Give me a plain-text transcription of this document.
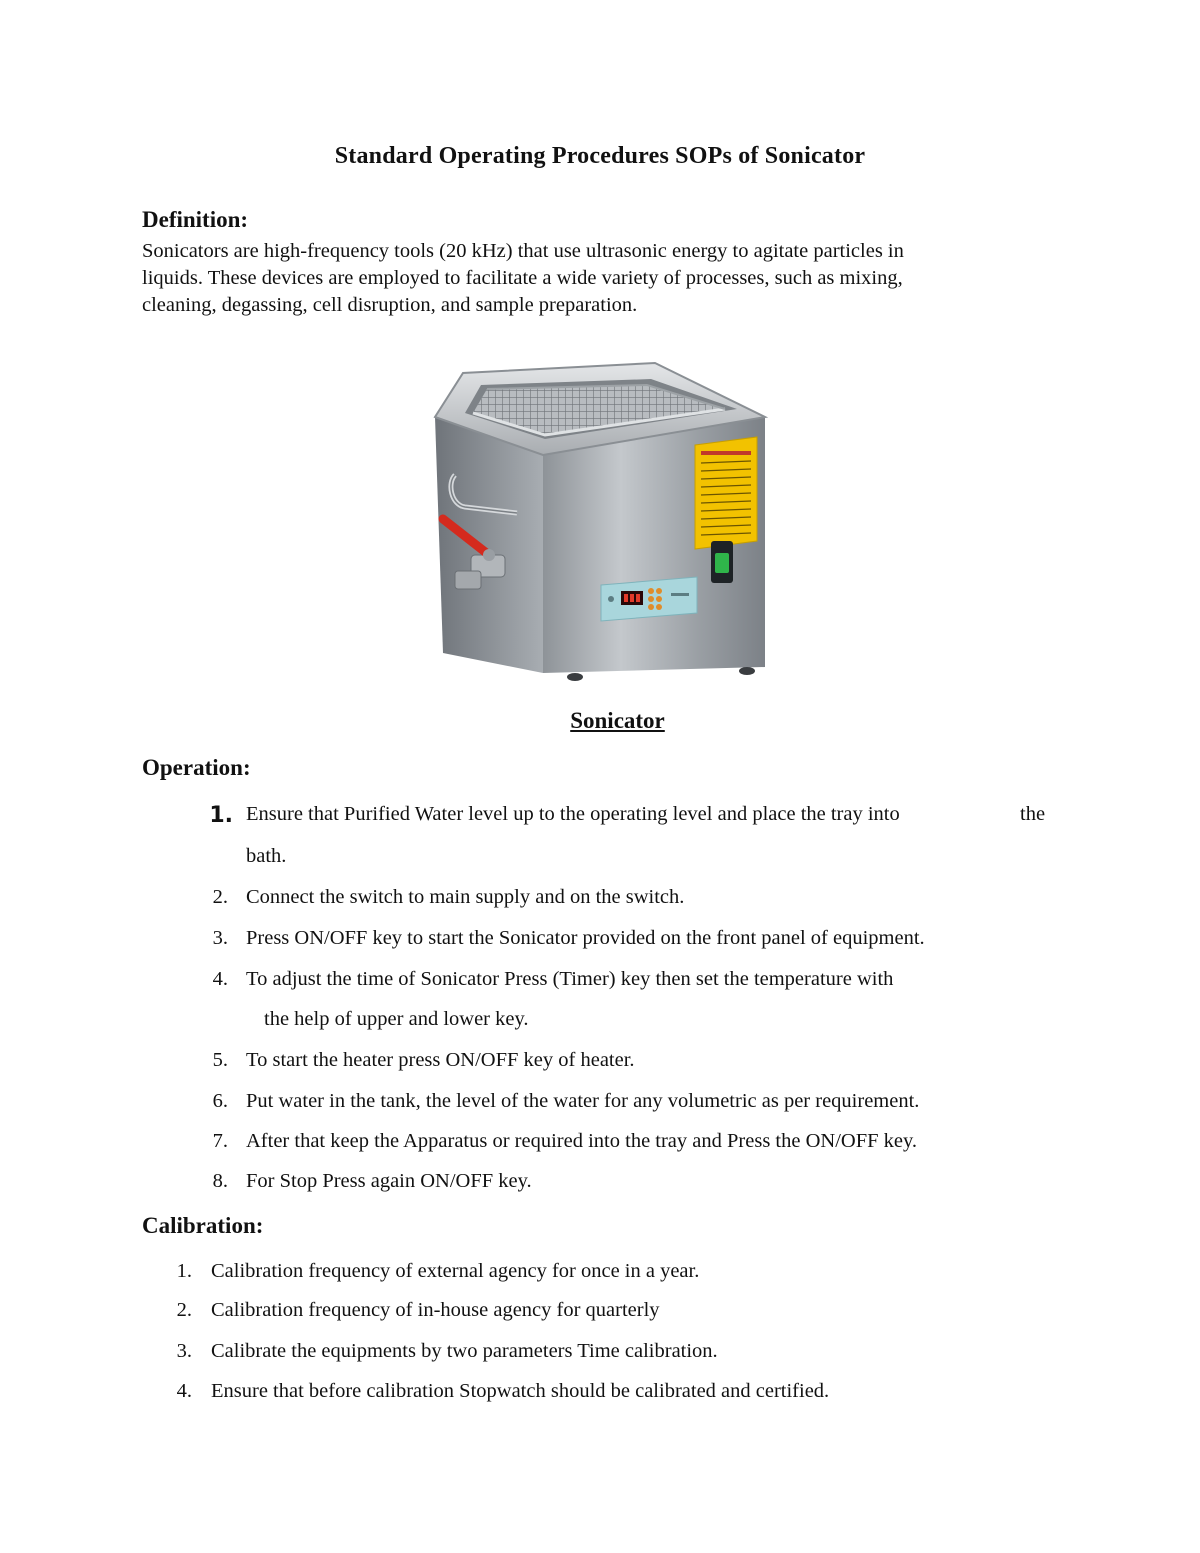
Standard Operating Procedures SOPs of Sonicator
Definition:
Sonicators are high-frequency tools (20 kHz) that use ultrasonic energy to agitate particles in
liquids. These devices are employed to facilitate a wide variety of processes, such as mixing,
cleaning, degassing, cell disruption, and sample preparation.
Sonicator
Operation:
1. Ensure that Purified Water level up to the operating level and place the tray into	the
bath.
2. Connect the switch to main supply and on the switch.
3. Press ON/OFF key to start the Sonicator provided on the front panel of equipment.
4. To adjust the time of Sonicator Press (Timer) key then set the temperature with
the help of upper and lower key.
5. To start the heater press ON/OFF key of heater.
6. Put water in the tank, the level of the water for any volumetric as per requirement.
7. After that keep the Apparatus or required into the tray and Press the ON/OFF key.
8. For Stop Press again ON/OFF key.
Calibration:
1. Calibration frequency of external agency for once in a year.
2. Calibration frequency of in-house agency for quarterly
3. Calibrate the equipments by two parameters Time calibration.
4. Ensure that before calibration Stopwatch should be calibrated and certified.
